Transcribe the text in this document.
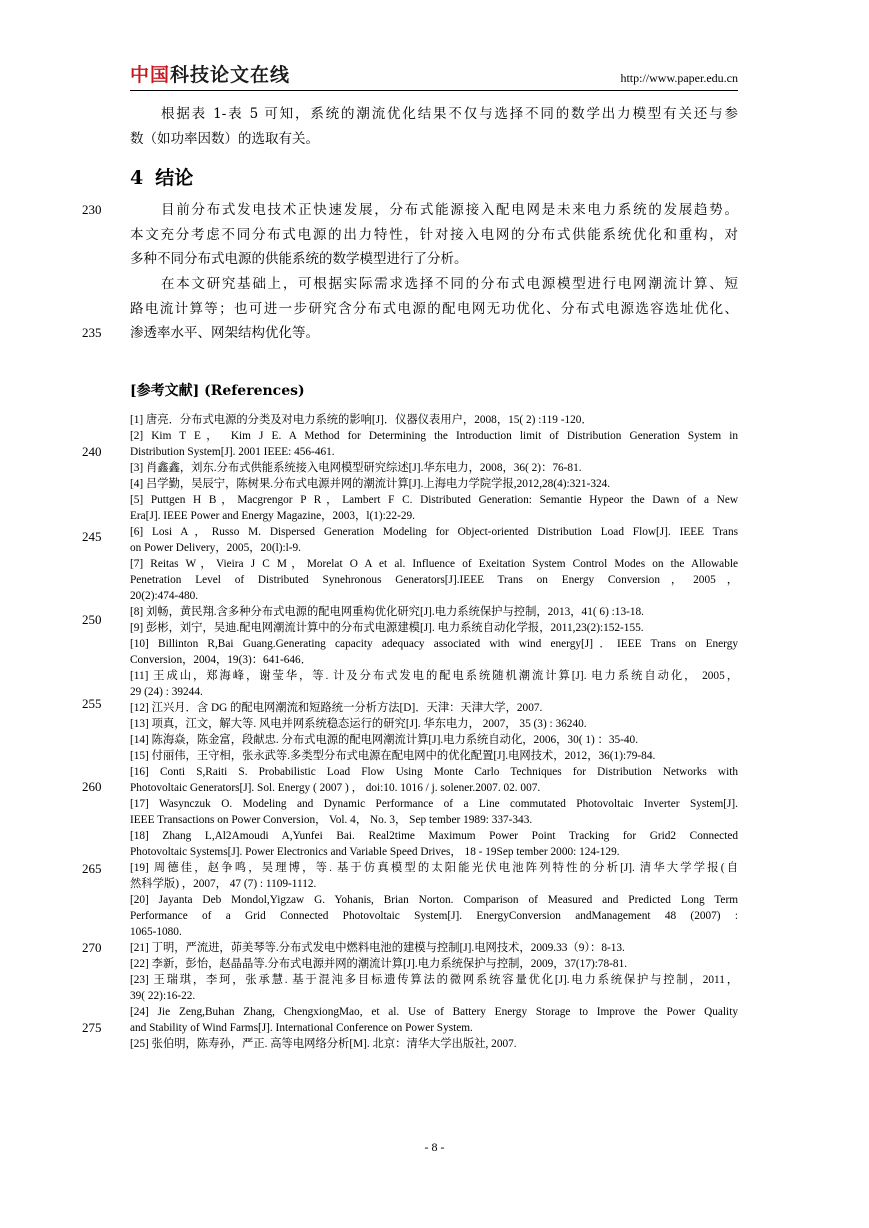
中国科技论文在线	http://www.paper.edu.cn
根据表 1-表 5 可知，系统的潮流优化结果不仅与选择不同的数学出力模型有关还与参
数（如功率因数）的选取有关。
4 结论
目前分布式发电技术正快速发展，分布式能源接入配电网是未来电力系统的发展趋势。
本文充分考虑不同分布式电源的出力特性，针对接入电网的分布式供能系统优化和重构，对
多种不同分布式电源的供能系统的数学模型进行了分析。
在本文研究基础上，可根据实际需求选择不同的分布式电源模型进行电网潮流计算、短
路电流计算等；也可进一步研究含分布式电源的配电网无功优化、分布式电源选容选址优化、
渗透率水平、网架结构优化等。
[参考文献] (References)
[1] 唐亮．分布式电源的分类及对电力系统的影响[J]．仪器仪表用户，2008，15( 2) :119 -120．
[2] Kim T E， Kim J E. A Method for Determining the Introduction limit of Distribution Generation System in
Distribution System[J]. 2001 IEEE: 456-461.
[3] 肖鑫鑫，刘东.分布式供能系统接入电网模型研究综述[J].华东电力，2008，36( 2)：76-81.
[4] 吕学勤，吴辰宁，陈树果.分布式电源并网的潮流计算[J].上海电力学院学报,2012,28(4):321-324.
[5] Puttgen H B，Macgrengor P R，Lambert F C. Distributed Generation: Semantie Hypeor the Dawn of a New
Era[J]. IEEE Power and Energy Magazine，2003，l(1):22-29.
[6] Losi A，Russo M. Dispersed Generation Modeling for Object-oriented Distribution Load Flow[J]. IEEE Trans
on Power Delivery，2005，20(l):l-9.
[7] Reitas W，Vieira J C M，Morelat O A et al. Influence of Exeitation System Control Modes on the Allowable
Penetration Level of Distributed Synehronous Generators[J].IEEE Trans on Energy Conversion，2005，
20(2):474-480.
[8] 刘畅，黄民翔.含多种分布式电源的配电网重构优化研究[J].电力系统保护与控制，2013，41( 6) :13-18.
[9] 彭彬，刘宁，吴迪.配电网潮流计算中的分布式电源建模[J]. 电力系统自动化学报，2011,23(2):152-155.
[10] Billinton R,Bai Guang.Generating capacity adequacy associated with wind energy[J]．IEEE Trans on Energy
Conversion，2004，19(3)：641-646．
[11] 王成山，郑海峰，谢莹华，等. 计及分布式发电的配电系统随机潮流计算[J]. 电力系统自动化， 2005，
29 (24) : 39244.
[12] 江兴月．含 DG 的配电网潮流和短路统一分析方法[D]．天津：天津大学，2007.
[13] 项真，江文，解大等. 风电并网系统稳态运行的研究[J]. 华东电力， 2007， 35 (3) : 36240.
[14] 陈海焱，陈金富，段献忠. 分布式电源的配电网潮流计算[J].电力系统自动化，2006，30( 1) ：35-40.
[15] 付丽伟，王守相，张永武等.多类型分布式电源在配电网中的优化配置[J].电网技术，2012，36(1):79-84.
[16] Conti S,Raiti S. Probabilistic Load Flow Using Monte Carlo Techniques for Distribution Networks with
Photovoltaic Generators[J]. Sol. Energy ( 2007 ) ， doi:10. 1016 / j. solener.2007. 02. 007.
[17] Wasynczuk O. Modeling and Dynamic Performance of a Line commutated Photovoltaic Inverter System[J].
IEEE Transactions on Power Conversion， Vol. 4， No. 3， Sep tember 1989: 337-343.
[18] Zhang L,Al2Amoudi A,Yunfei Bai. Real2time Maximum Power Point Tracking for Grid2 Connected
Photovoltaic Systems[J]. Power Electronics and Variable Speed Drives， 18 - 19Sep tember 2000: 124-129.
[19] 周德佳，赵争鸣，吴理博，等. 基于仿真模型的太阳能光伏电池阵列特性的分析[J]. 清华大学学报(自
然科学版) ，2007， 47 (7) : 1109-1112.
[20] Jayanta Deb Mondol,Yigzaw G. Yohanis, Brian Norton. Comparison of Measured and Predicted Long Term
Performance of a Grid Connected Photovoltaic System[J]. EnergyConversion andManagement 48 (2007) :
1065-1080.
[21] 丁明，严流进，茆美琴等.分布式发电中燃料电池的建模与控制[J].电网技术，2009.33（9）：8-13.
[22] 李新，彭怡，赵晶晶等.分布式电源并网的潮流计算[J].电力系统保护与控制，2009，37(17):78-81.
[23] 王瑞琪，李珂，张承慧. 基于混沌多目标遗传算法的微网系统容量优化[J].电力系统保护与控制，2011，
39( 22):16-22.
[24] Jie Zeng,Buhan Zhang, ChengxiongMao, et al. Use of Battery Energy Storage to Improve the Power Quality
and Stability of Wind Farms[J]. International Conference on Power System.
[25] 张伯明，陈寿孙，严正. 高等电网络分析[M]. 北京：清华大学出版社, 2007.
230
235
240
245
250
255
260
265
270
275
- 8 -
